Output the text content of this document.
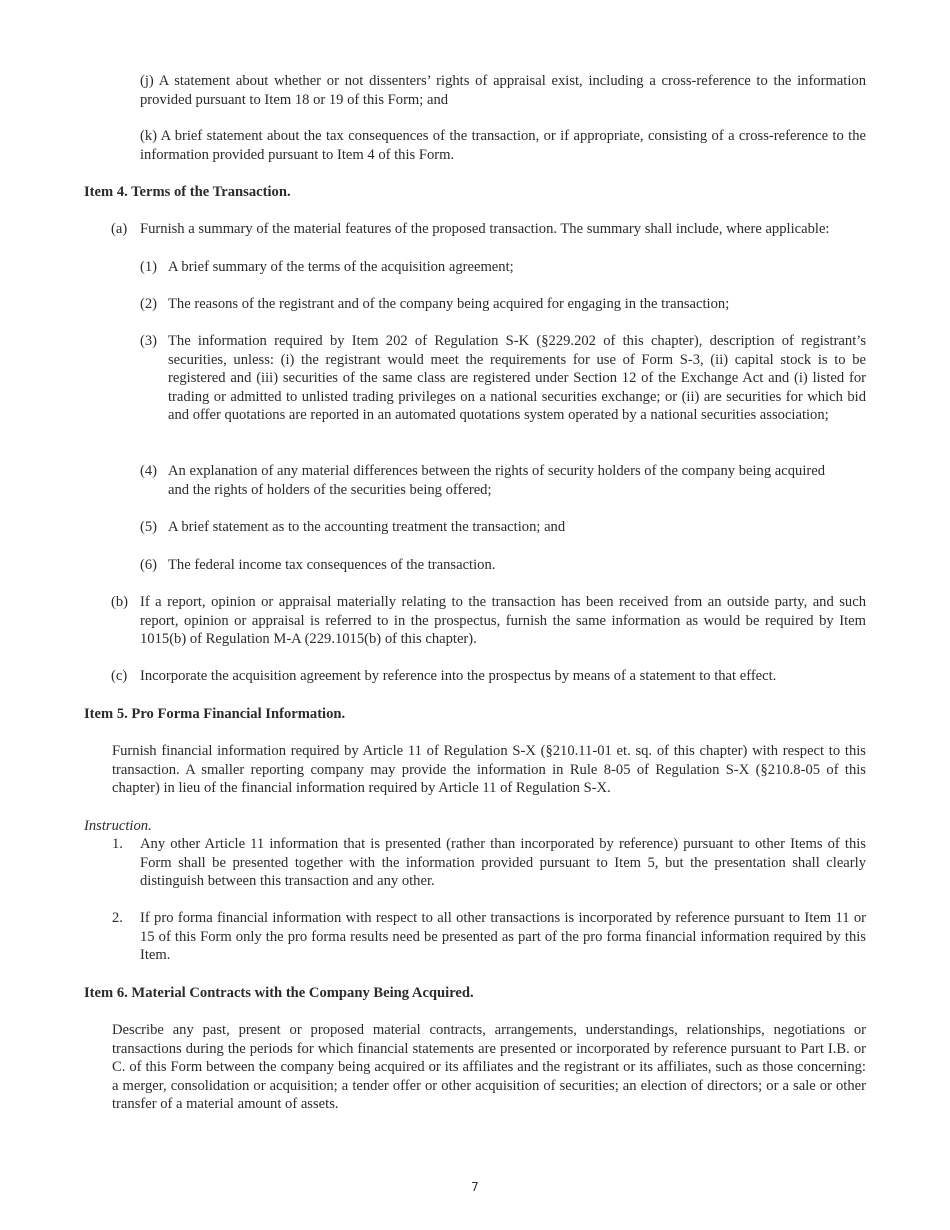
(j) A statement about whether or not dissenters’ rights of appraisal exist, including a cross-reference to the information provided pursuant to Item 18 or 19 of this Form; and

(k) A brief statement about the tax consequences of the transaction, or if appropriate, consisting of a cross-reference to the information provided pursuant to Item 4 of this Form.

Item 4. Terms of the Transaction.

(a) Furnish a summary of the material features of the proposed transaction. The summary shall include, where applicable:

(1) A brief summary of the terms of the acquisition agreement;

(2) The reasons of the registrant and of the company being acquired for engaging in the transaction;

(3) The information required by Item 202 of Regulation S-K (§229.202 of this chapter), description of registrant’s securities, unless: (i) the registrant would meet the requirements for use of Form S-3, (ii) capital stock is to be registered and (iii) securities of the same class are registered under Section 12 of the Exchange Act and (i) listed for trading or admitted to unlisted trading privileges on a national securities exchange; or (ii) are securities for which bid and offer quotations are reported in an automated quotations system operated by a national securities association;

(4) An explanation of any material differences between the rights of security holders of the company being acquired and the rights of holders of the securities being offered;

(5) A brief statement as to the accounting treatment the transaction; and

(6) The federal income tax consequences of the transaction.

(b) If a report, opinion or appraisal materially relating to the transaction has been received from an outside party, and such report, opinion or appraisal is referred to in the prospectus, furnish the same information as would be required by Item 1015(b) of Regulation M-A (229.1015(b) of this chapter).

(c) Incorporate the acquisition agreement by reference into the prospectus by means of a statement to that effect.

Item 5. Pro Forma Financial Information.

Furnish financial information required by Article 11 of Regulation S-X (§210.11-01 et. sq. of this chapter) with respect to this transaction. A smaller reporting company may provide the information in Rule 8-05 of Regulation S-X (§210.8-05 of this chapter) in lieu of the financial information required by Article 11 of Regulation S-X.

Instruction.

1. Any other Article 11 information that is presented (rather than incorporated by reference) pursuant to other Items of this Form shall be presented together with the information provided pursuant to Item 5, but the presentation shall clearly distinguish between this transaction and any other.

2. If pro forma financial information with respect to all other transactions is incorporated by reference pursuant to Item 11 or 15 of this Form only the pro forma results need be presented as part of the pro forma financial information required by this Item.

Item 6. Material Contracts with the Company Being Acquired.

Describe any past, present or proposed material contracts, arrangements, understandings, relationships, negotiations or transactions during the periods for which financial statements are presented or incorporated by reference pursuant to Part I.B. or C. of this Form between the company being acquired or its affiliates and the registrant or its affiliates, such as those concerning: a merger, consolidation or acquisition; a tender offer or other acquisition of securities; an election of directors; or a sale or other transfer of a material amount of assets.

7
